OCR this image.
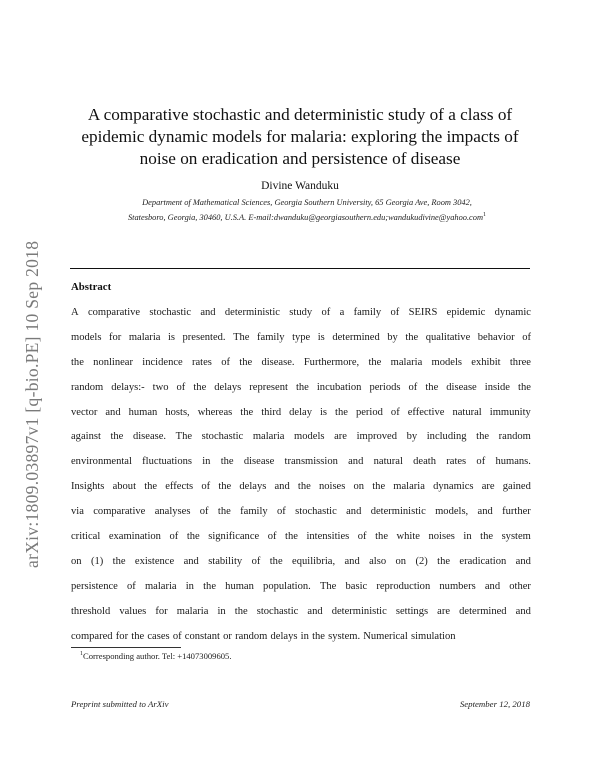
arXiv:1809.03897v1 [q-bio.PE] 10 Sep 2018
A comparative stochastic and deterministic study of a class of
epidemic dynamic models for malaria: exploring the impacts of
noise on eradication and persistence of disease
Divine Wanduku
Department of Mathematical Sciences, Georgia Southern University, 65 Georgia Ave, Room 3042,
Statesboro, Georgia, 30460, U.S.A. E-mail:dwanduku@georgiasouthern.edu;wandukudivine@yahoo.com$^1$
Abstract
A comparative stochastic and deterministic study of a family of SEIRS epidemic dynamic
models for malaria is presented. The family type is determined by the qualitative behavior of
the nonlinear incidence rates of the disease. Furthermore, the malaria models exhibit three
random delays:- two of the delays represent the incubation periods of the disease inside the
vector and human hosts, whereas the third delay is the period of effective natural immunity
against the disease. The stochastic malaria models are improved by including the random
environmental fluctuations in the disease transmission and natural death rates of humans.
Insights about the effects of the delays and the noises on the malaria dynamics are gained
via comparative analyses of the family of stochastic and deterministic models, and further
critical examination of the significance of the intensities of the white noises in the system
on (1) the existence and stability of the equilibria, and also on (2) the eradication and
persistence of malaria in the human population. The basic reproduction numbers and other
threshold values for malaria in the stochastic and deterministic settings are determined and
compared for the cases of constant or random delays in the system. Numerical simulation
$^1$Corresponding author. Tel: +14073009605.
Preprint submitted to ArXiv	September 12, 2018
